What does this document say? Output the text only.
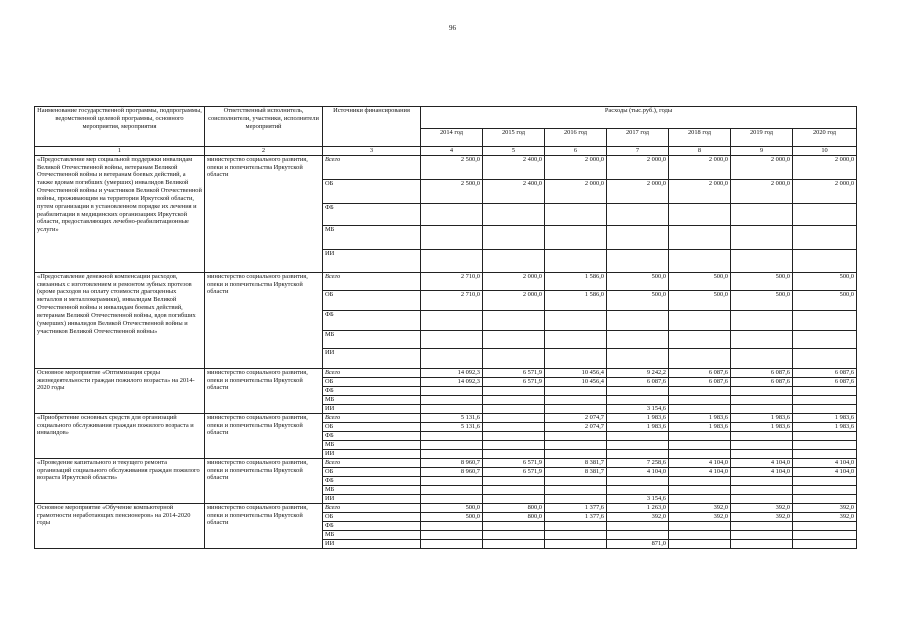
96
Наименование государственной программы, подпрограммы, ведомственной целевой программы, основного мероприятия, мероприятия	Ответственный исполнитель, соисполнители, участники, исполнители мероприятий	Источники финансирования	Расходы (тыс.руб.), годы						
			2014 год	2015 год	2016 год	2017 год	2018 год	2019 год	2020 год
1	2	3	4	5	6	7	8	9	10
«Предоставление мер социальной поддержки инвалидам Великой Отечественной войны, ветеранам Великой Отечественной войны и ветеранам боевых действий, а также вдовам погибших (умерших) инвалидов Великой Отечественной войны и участников Великой Отечественной войны, проживающим на территории Иркутской области, путем организации в установленном порядке их лечения и реабилитации в медицинских организациях Иркутской области, предоставляющих лечебно-реабилитационные услуги»	министерство социального развития, опеки и попечительства Иркутской области	Всего	2 500,0	2 400,0	2 000,0	2 000,0	2 000,0	2 000,0	2 000,0
		ОБ	2 500,0	2 400,0	2 000,0	2 000,0	2 000,0	2 000,0	2 000,0
		ФБ							
		МБ							
		ИИ							
«Предоставление денежной компенсации расходов, связанных с изготовлением и ремонтом зубных протезов (кроме расходов на оплату стоимости драгоценных металлов и металлокерамики), инвалидам Великой Отечественной войны и инвалидам боевых действий, ветеранам Великой Отечественной войны, вдов погибших (умерших) инвалидов Великой Отечественной войны и участников Великой Отечественной войны»	министерство социального развития, опеки и попечительства Иркутской области	Всего	2 710,0	2 000,0	1 586,0	500,0	500,0	500,0	500,0
		ОБ	2 710,0	2 000,0	1 586,0	500,0	500,0	500,0	500,0
		ФБ							
		МБ							
		ИИ							
Основное мероприятие «Оптимизация среды жизнедеятельности граждан пожилого возраста» на 2014-2020 годы	министерство социального развития, опеки и попечительства Иркутской области	Всего	14 092,3	6 571,9	10 456,4	9 242,2	6 087,6	6 087,6	6 087,6
		ОБ	14 092,3	6 571,9	10 456,4	6 087,6	6 087,6	6 087,6	6 087,6
		ФБ							
		МБ							
		ИИ				3 154,6			
«Приобретение основных средств для организаций социального обслуживания граждан пожилого возраста и инвалидов»	министерство социального развития, опеки и попечительства Иркутской области	Всего	5 131,6		2 074,7	1 983,6	1 983,6	1 983,6	1 983,6
		ОБ	5 131,6		2 074,7	1 983,6	1 983,6	1 983,6	1 983,6
		ФБ							
		МБ							
		ИИ							
«Проведение капитального и текущего ремонта организаций социального обслуживания граждан пожилого возраста Иркутской области»	министерство социального развития, опеки и попечительства Иркутской области	Всего	8 960,7	6 571,9	8 381,7	7 258,6	4 104,0	4 104,0	4 104,0
		ОБ	8 960,7	6 571,9	8 381,7	4 104,0	4 104,0	4 104,0	4 104,0
		ФБ							
		МБ							
		ИИ				3 154,6			
Основное мероприятие «Обучение компьютерной грамотности неработающих пенсионеров» на 2014-2020 годы	министерство социального развития, опеки и попечительства Иркутской области	Всего	500,0	800,0	1 377,6	1 263,0	392,0	392,0	392,0
		ОБ	500,0	800,0	1 377,6	392,0	392,0	392,0	392,0
		ФБ							
		МБ							
		ИИ				871,0			
